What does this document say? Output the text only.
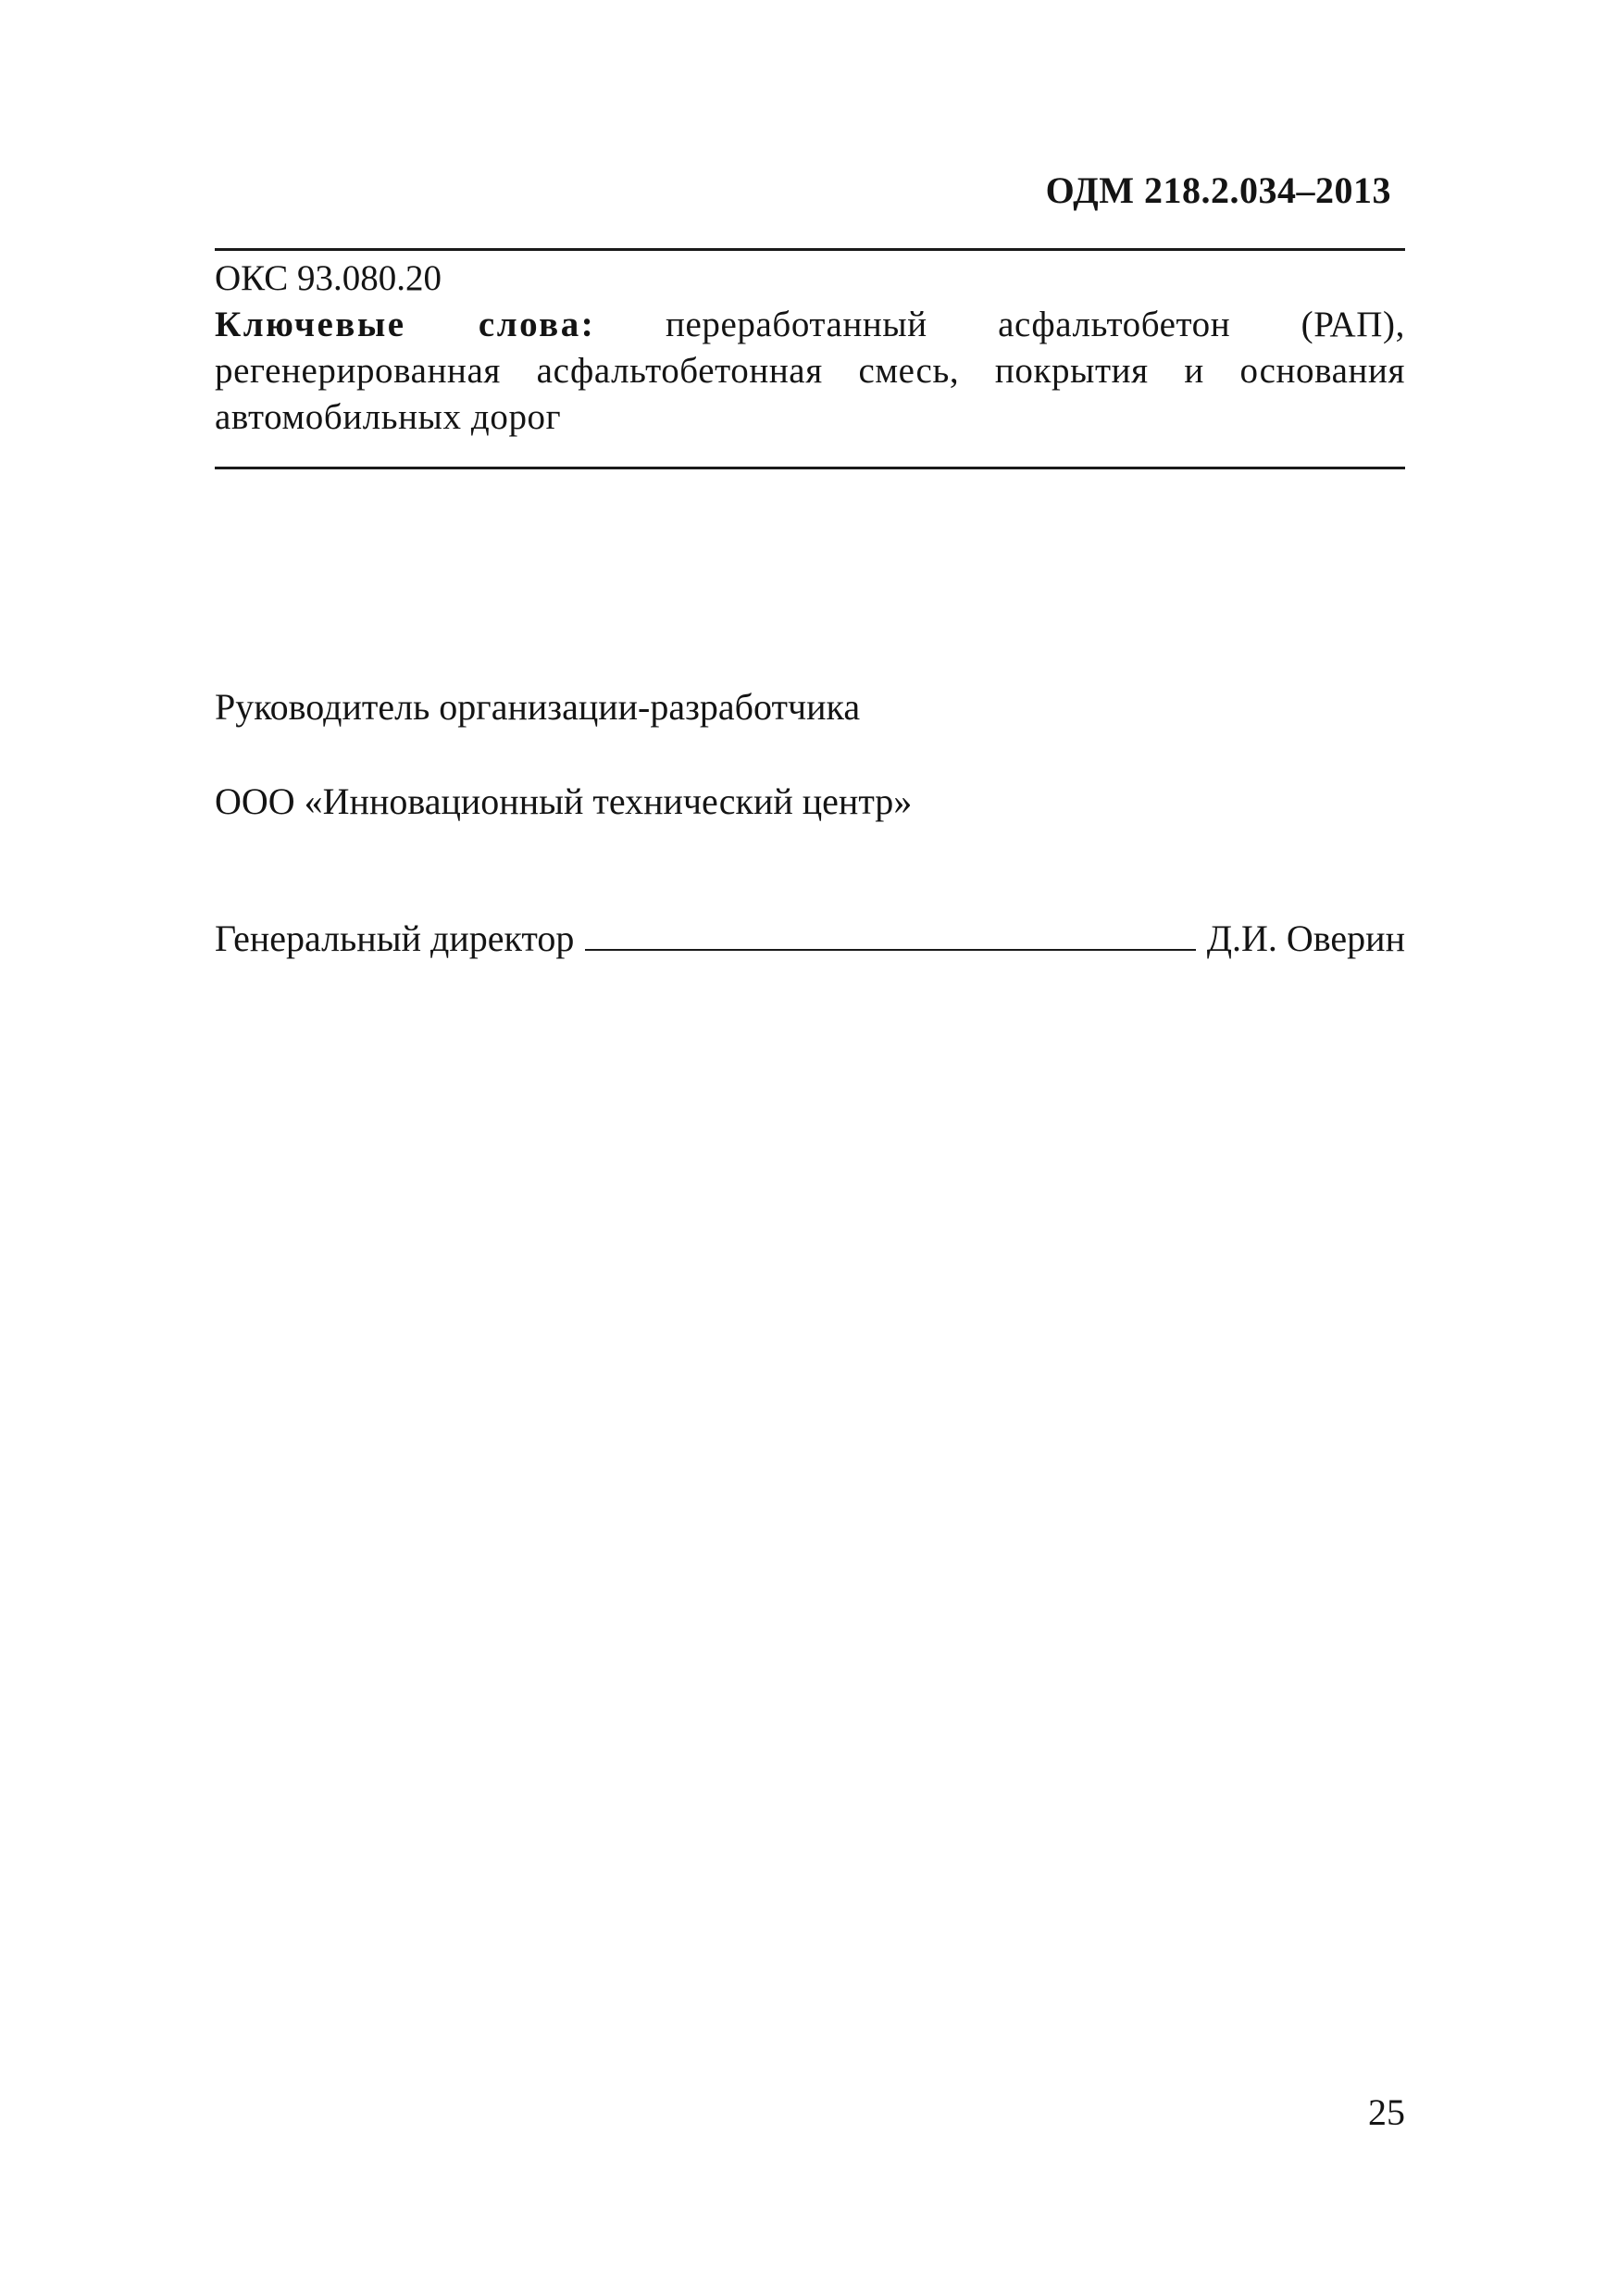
ОДМ 218.2.034–2013
ОКС 93.080.20
Ключевые слова: переработанный асфальтобетон (РАП), регенерированная асфальтобетонная смесь, покрытия и основания автомобильных дорог
Руководитель организации-разработчика
ООО «Инновационный технический центр»
Генеральный директор	Д.И. Оверин
25
